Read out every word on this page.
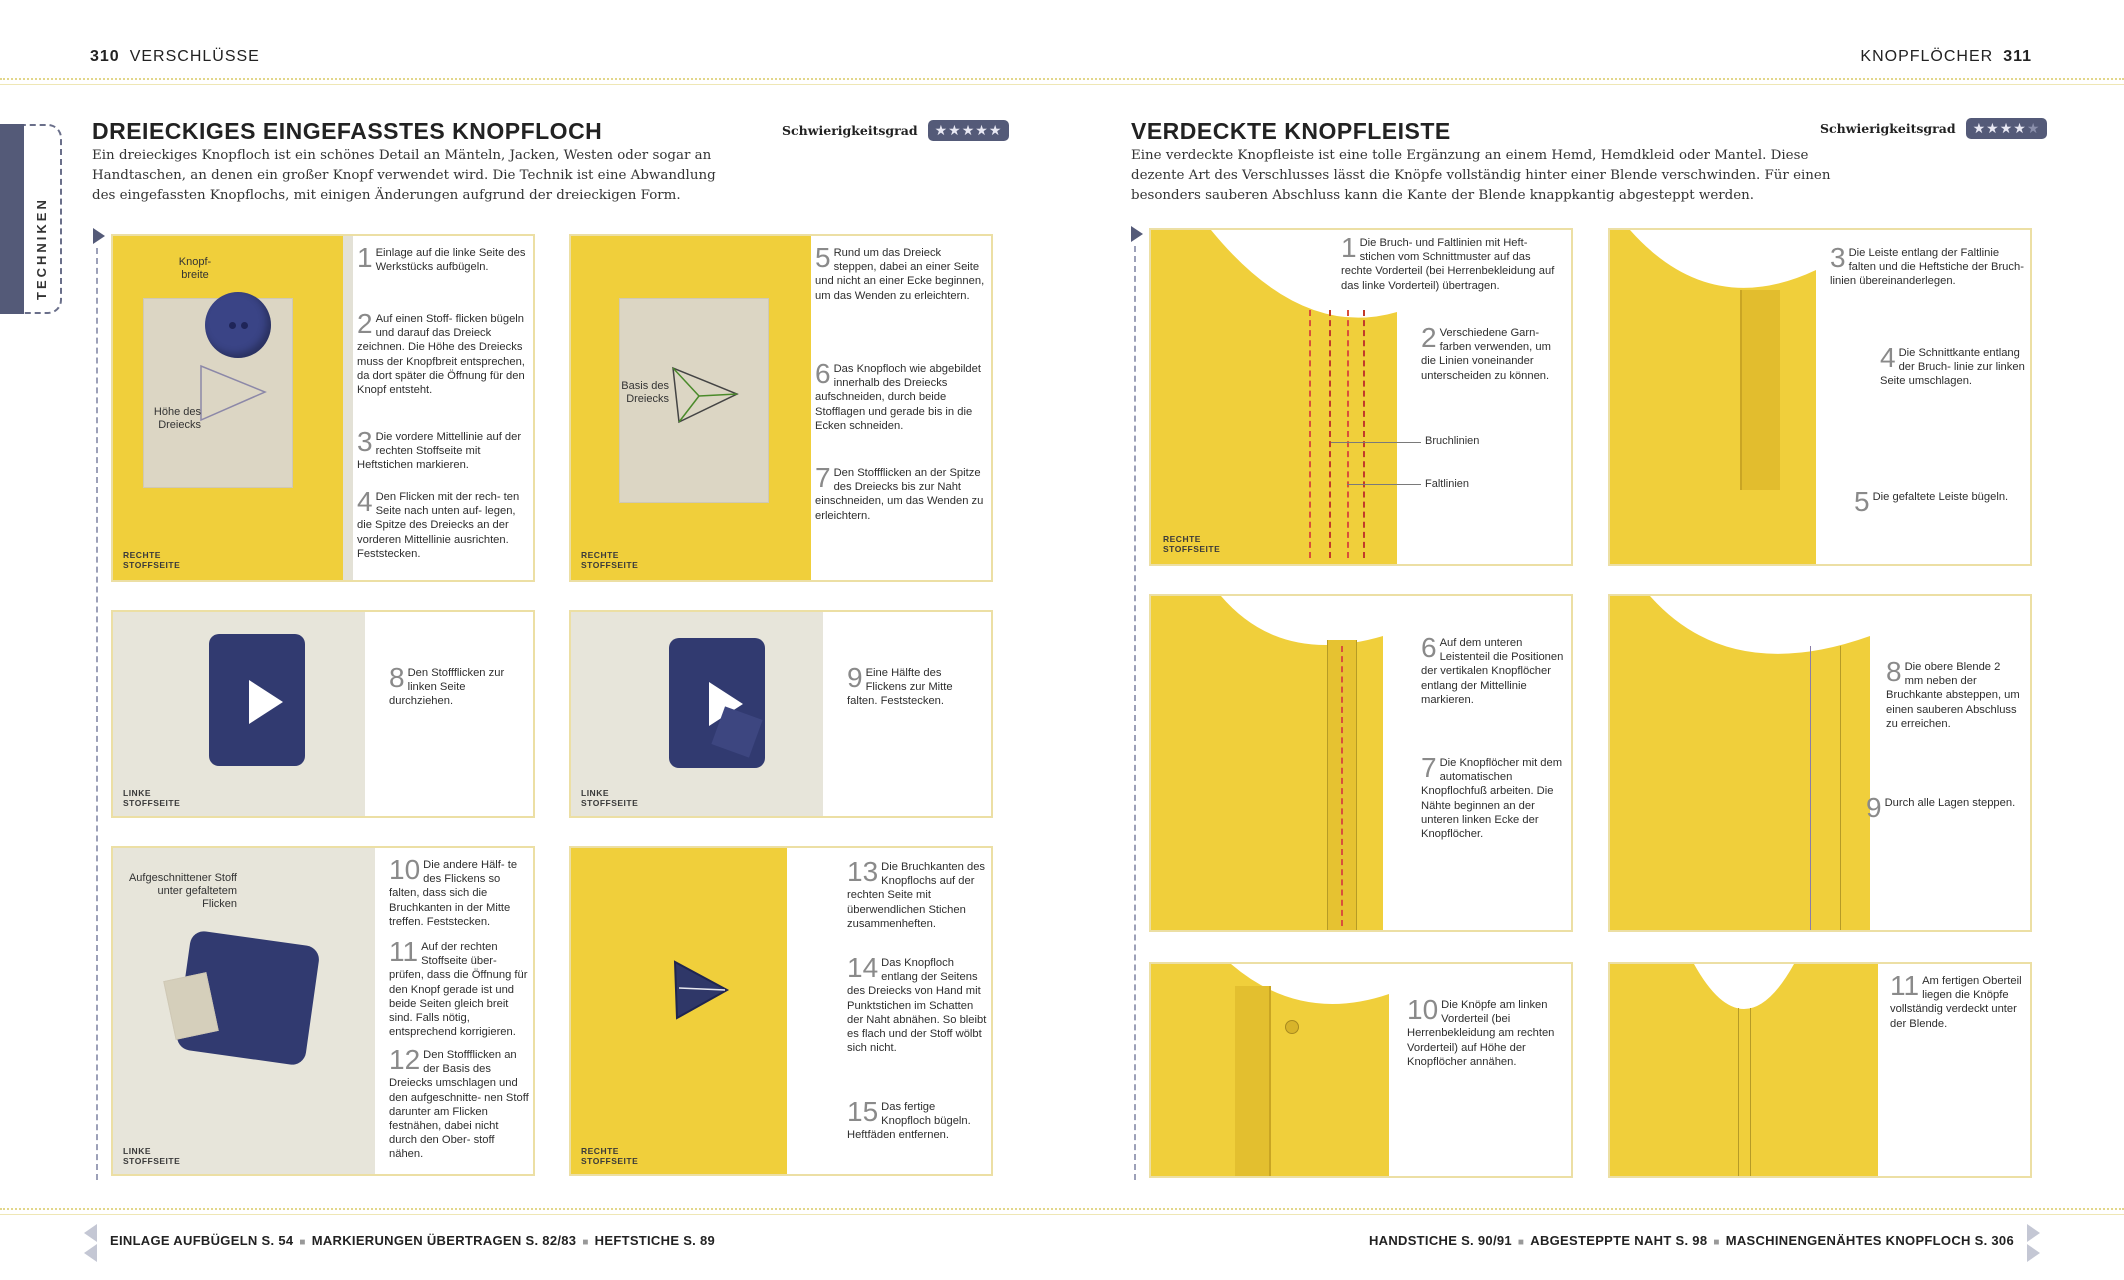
310 VERSCHLÜSSE	KNOPFLÖCHER 311
TECHNIKEN
DREIECKIGES EINGEFASSTES KNOPFLOCH	Schwierigkeitsgrad	★★★★★
Ein dreieckiges Knopfloch ist ein schönes Detail an Mänteln, Jacken, Westen oder sogar an
Handtaschen, an denen ein großer Knopf verwendet wird. Die Technik ist eine Abwandlung
des eingefassten Knopflochs, mit einigen Änderungen aufgrund der dreieckigen Form.
Knopf- breite
Höhe des Dreiecks
RECHTE STOFFSEITE
1 Einlage auf die linke Seite des Werkstücks aufbügeln.
2 Auf einen Stoff- flicken bügeln und darauf das Dreieck zeichnen. Die Höhe des Dreiecks muss der Knopfbreit entsprechen, da dort später die Öffnung für den Knopf entsteht.
3 Die vordere Mittellinie auf der rechten Stoffseite mit Heftstichen markieren.
4 Den Flicken mit der rech- ten Seite nach unten auf- legen, die Spitze des Dreiecks an der vorderen Mittellinie ausrichten. Feststecken.
Basis des Dreiecks
RECHTE STOFFSEITE
5 Rund um das Dreieck steppen, dabei an einer Seite und nicht an einer Ecke beginnen, um das Wenden zu erleichtern.
6 Das Knopfloch wie abgebildet innerhalb des Dreiecks aufschneiden, durch beide Stofflagen und gerade bis in die Ecken schneiden.
7 Den Stoffflicken an der Spitze des Dreiecks bis zur Naht einschneiden, um das Wenden zu erleichtern.
LINKE STOFFSEITE
8 Den Stoffflicken zur linken Seite durchziehen.
LINKE STOFFSEITE
9 Eine Hälfte des Flickens zur Mitte falten. Feststecken.
Aufgeschnittener Stoff unter gefaltetem Flicken
LINKE STOFFSEITE
10 Die andere Hälf- te des Flickens so falten, dass sich die Bruchkanten in der Mitte treffen. Feststecken.
11 Auf der rechten Stoffseite über- prüfen, dass die Öffnung für den Knopf gerade ist und beide Seiten gleich breit sind. Falls nötig, entsprechend korrigieren.
12 Den Stoffflicken an der Basis des Dreiecks umschlagen und den aufgeschnitte- nen Stoff darunter am Flicken festnähen, dabei nicht durch den Ober- stoff nähen.	RECHTE STOFFSEITE
13 Die Bruchkanten des Knopflochs auf der rechten Seite mit überwendlichen Stichen zusammenheften.
14 Das Knopfloch entlang der Seitens des Dreiecks von Hand mit Punktstichen im Schatten der Naht abnähen. So bleibt es flach und der Stoff wölbt sich nicht.
15 Das fertige Knopfloch bügeln. Heftfäden entfernen.
VERDECKTE KNOPFLEISTE	Schwierigkeitsgrad	★★★★★
Eine verdeckte Knopfleiste ist eine tolle Ergänzung an einem Hemd, Hemdkleid oder Mantel. Diese
dezente Art des Verschlusses lässt die Knöpfe vollständig hinter einer Blende verschwinden. Für einen
besonders sauberen Abschluss kann die Kante der Blende knappkantig abgesteppt werden.
Bruchlinien
Faltlinien
RECHTE STOFFSEITE
1 Die Bruch- und Faltlinien mit Heft- stichen vom Schnittmuster auf das rechte Vorderteil (bei Herrenbekleidung auf das linke Vorderteil) übertragen.
2 Verschiedene Garn- farben verwenden, um die Linien voneinander unterscheiden zu können.
3 Die Leiste entlang der Faltlinie falten und die Heftstiche der Bruch- linien übereinanderlegen.
4 Die Schnittkante entlang der Bruch- linie zur linken Seite umschlagen.
5 Die gefaltete Leiste bügeln.
6 Auf dem unteren Leistenteil die Positionen der vertikalen Knopflöcher entlang der Mittellinie markieren.
7 Die Knopflöcher mit dem automatischen Knopflochfuß arbeiten. Die Nähte beginnen an der unteren linken Ecke der Knopflöcher.
8 Die obere Blende 2 mm neben der Bruchkante absteppen, um einen sauberen Abschluss zu erreichen.
9 Durch alle Lagen steppen.
10 Die Knöpfe am linken Vorderteil (bei Herrenbekleidung am rechten Vorderteil) auf Höhe der Knopflöcher annähen.
11 Am fertigen Oberteil liegen die Knöpfe vollständig verdeckt unter der Blende.
EINLAGE AUFBÜGELN S. 54 ■ MARKIERUNGEN ÜBERTRAGEN S. 82/83 ■ HEFTSTICHE S. 89	HANDSTICHE S. 90/91 ■ ABGESTEPPTE NAHT S. 98 ■ MASCHINENGENÄHTES KNOPFLOCH S. 306
